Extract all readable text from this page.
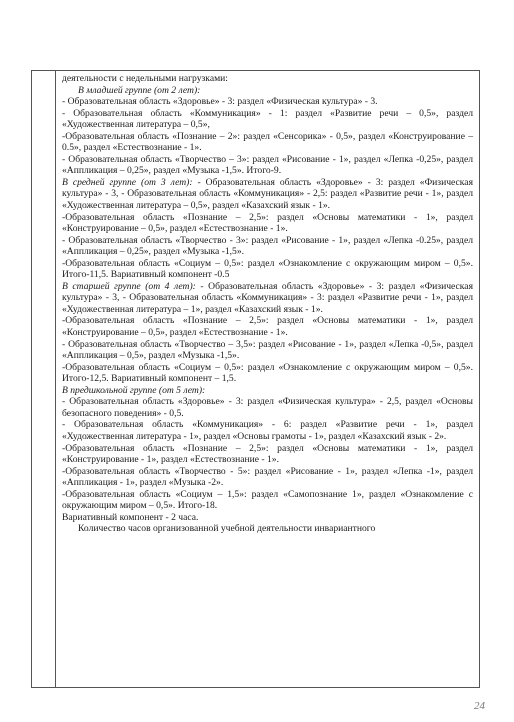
деятельности с недельными нагрузками:
В младшей группе (от 2 лет):
- Образовательная область «Здоровье» - 3: раздел «Физическая культура» - 3.
- Образовательная область «Коммуникация» - 1: раздел «Развитие речи – 0,5», раздел «Художественная литература – 0,5»,
-Образовательная область «Познание – 2»: раздел «Сенсорика» - 0,5», раздел «Конструирование – 0.5», раздел «Естествознание - 1».
- Образовательная область «Творчество – 3»: раздел «Рисование - 1», раздел «Лепка -0,25», раздел «Аппликация – 0,25», раздел «Музыка -1,5». Итого-9.
В средней группе (от 3 лет): - Образовательная область «Здоровье» - 3: раздел «Физическая культура» - 3, - Образовательная область «Коммуникация» - 2,5: раздел «Развитие речи - 1», раздел «Художественная литература – 0,5», раздел «Казахский язык - 1».
-Образовательная область «Познание – 2,5»: раздел «Основы математики - 1», раздел «Конструирование – 0,5», раздел «Естествознание - 1».
- Образовательная область «Творчество - 3»: раздел «Рисование - 1», раздел «Лепка -0.25», раздел «Аппликация – 0,25», раздел «Музыка -1,5».
-Образовательная область «Социум – 0,5»: раздел «Ознакомление с окружающим миром – 0,5». Итого-11,5. Вариативный компонент -0.5
В старшей группе (от 4 лет): - Образовательная область «Здоровье» - 3: раздел «Физическая культура» - 3, - Образовательная область «Коммуникация» - 3: раздел «Развитие речи - 1», раздел «Художественная литература – 1», раздел «Казахский язык - 1».
-Образовательная область «Познание – 2,5»: раздел «Основы математики - 1», раздел «Конструирование – 0,5», раздел «Естествознание - 1».
- Образовательная область «Творчество – 3,5»: раздел «Рисование - 1», раздел «Лепка -0,5», раздел «Аппликация – 0,5», раздел «Музыка -1,5».
-Образовательная область «Социум – 0,5»: раздел «Ознакомление с окружающим миром – 0,5». Итого-12,5. Вариативный компонент – 1,5.
В предшкольной группе (от 5 лет):
- Образовательная область «Здоровье» - 3: раздел «Физическая культура» - 2,5, раздел «Основы безопасного поведения» - 0,5.
- Образовательная область «Коммуникация» - 6: раздел «Развитие речи - 1», раздел «Художественная литература - 1», раздел «Основы грамоты - 1», раздел «Казахский язык - 2».
-Образовательная область «Познание – 2,5»: раздел «Основы математики - 1», раздел «Конструирование - 1», раздел «Естествознание - 1».
-Образовательная область «Творчество - 5»: раздел «Рисование - 1», раздел «Лепка -1», раздел «Аппликация - 1», раздел «Музыка -2».
-Образовательная область «Социум – 1,5»: раздел «Самопознание 1», раздел «Ознакомление с окружающим миром – 0,5». Итого-18.
Вариативный компонент - 2 часа.
Количество часов организованной учебной деятельности инвариантного
24
